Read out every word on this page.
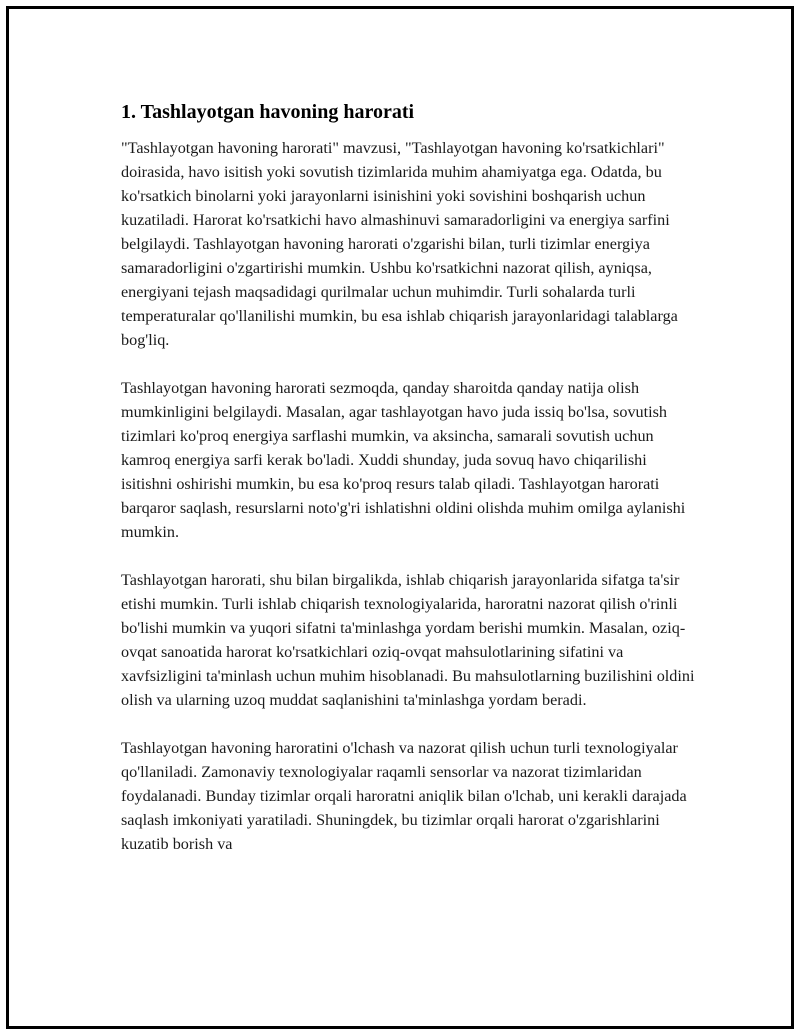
1. Tashlayotgan havoning harorati

"Tashlayotgan havoning harorati" mavzusi, "Tashlayotgan havoning ko'rsatkichlari" doirasida, havo isitish yoki sovutish tizimlarida muhim ahamiyatga ega. Odatda, bu ko'rsatkich binolarni yoki jarayonlarni isinishini yoki sovishini boshqarish uchun kuzatiladi. Harorat ko'rsatkichi havo almashinuvi samaradorligini va energiya sarfini belgilaydi. Tashlayotgan havoning harorati o'zgarishi bilan, turli tizimlar energiya samaradorligini o'zgartirishi mumkin. Ushbu ko'rsatkichni nazorat qilish, ayniqsa, energiyani tejash maqsadidagi qurilmalar uchun muhimdir. Turli sohalarda turli temperaturalar qo'llanilishi mumkin, bu esa ishlab chiqarish jarayonlaridagi talablarga bog'liq.

Tashlayotgan havoning harorati sezmoqda, qanday sharoitda qanday natija olish mumkinligini belgilaydi. Masalan, agar tashlayotgan havo juda issiq bo'lsa, sovutish tizimlari ko'proq energiya sarflashi mumkin, va aksincha, samarali sovutish uchun kamroq energiya sarfi kerak bo'ladi. Xuddi shunday, juda sovuq havo chiqarilishi isitishni oshirishi mumkin, bu esa ko'proq resurs talab qiladi. Tashlayotgan harorati barqaror saqlash, resurslarni noto'g'ri ishlatishni oldini olishda muhim omilga aylanishi mumkin.

Tashlayotgan harorati, shu bilan birgalikda, ishlab chiqarish jarayonlarida sifatga ta'sir etishi mumkin. Turli ishlab chiqarish texnologiyalarida, haroratni nazorat qilish o'rinli bo'lishi mumkin va yuqori sifatni ta'minlashga yordam berishi mumkin. Masalan, oziq-ovqat sanoatida harorat ko'rsatkichlari oziq-ovqat mahsulotlarining sifatini va xavfsizligini ta'minlash uchun muhim hisoblanadi. Bu mahsulotlarning buzilishini oldini olish va ularning uzoq muddat saqlanishini ta'minlashga yordam beradi.

Tashlayotgan havoning haroratini o'lchash va nazorat qilish uchun turli texnologiyalar qo'llaniladi. Zamonaviy texnologiyalar raqamli sensorlar va nazorat tizimlaridan foydalanadi. Bunday tizimlar orqali haroratni aniqlik bilan o'lchab, uni kerakli darajada saqlash imkoniyati yaratiladi. Shuningdek, bu tizimlar orqali harorat o'zgarishlarini kuzatib borish va
